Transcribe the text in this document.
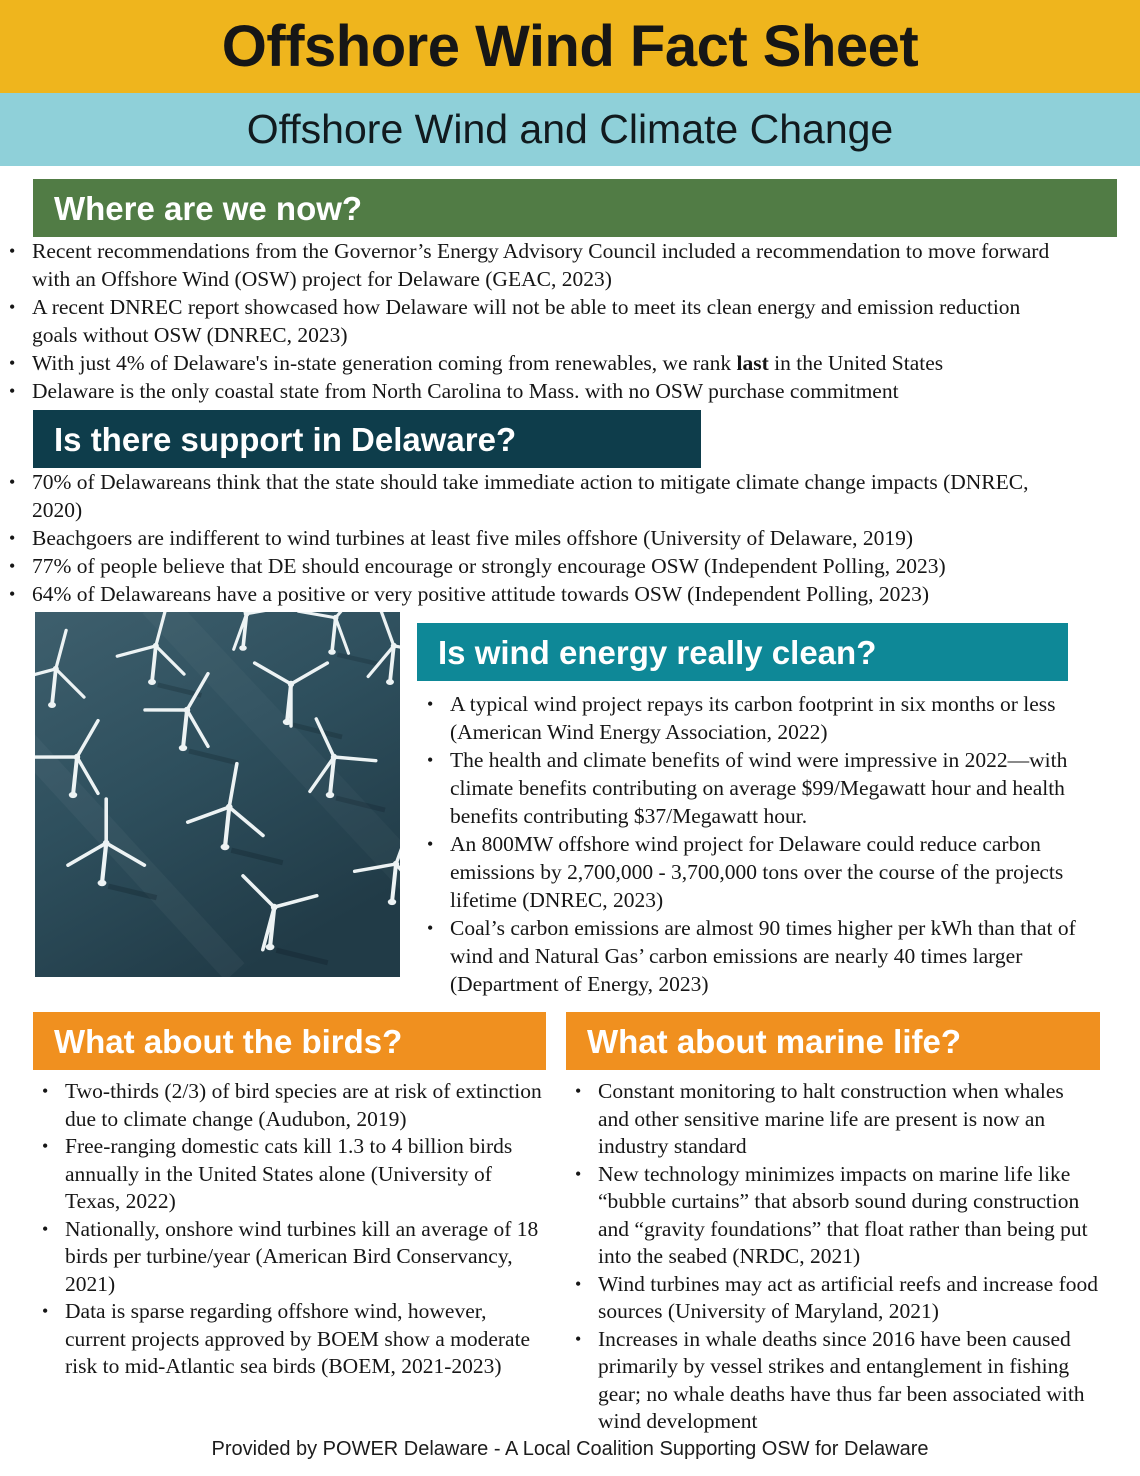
Offshore Wind Fact Sheet
Offshore Wind and Climate Change
Where are we now?
• Recent recommendations from the Governor’s Energy Advisory Council included a recommendation to move forward with an Offshore Wind (OSW) project for Delaware (GEAC, 2023)
• A recent DNREC report showcased how Delaware will not be able to meet its clean energy and emission reduction goals without OSW (DNREC, 2023)
• With just 4% of Delaware's in-state generation coming from renewables, we rank last in the United States
• Delaware is the only coastal state from North Carolina to Mass. with no OSW purchase commitment
Is there support in Delaware?
• 70% of Delawareans think that the state should take immediate action to mitigate climate change impacts (DNREC, 2020)
• Beachgoers are indifferent to wind turbines at least five miles offshore (University of Delaware, 2019)
• 77% of people believe that DE should encourage or strongly encourage OSW (Independent Polling, 2023)
• 64% of Delawareans have a positive or very positive attitude towards OSW (Independent Polling, 2023)
Is wind energy really clean?
• A typical wind project repays its carbon footprint in six months or less (American Wind Energy Association, 2022)
• The health and climate benefits of wind were impressive in 2022—with climate benefits contributing on average $99/Megawatt hour and health benefits contributing $37/Megawatt hour.
• An 800MW offshore wind project for Delaware could reduce carbon emissions by 2,700,000 - 3,700,000 tons over the course of the projects lifetime (DNREC, 2023)
• Coal’s carbon emissions are almost 90 times higher per kWh than that of wind and Natural Gas’ carbon emissions are nearly 40 times larger (Department of Energy, 2023)
What about the birds?
• Two-thirds (2/3) of bird species are at risk of extinction due to climate change (Audubon, 2019)
• Free-ranging domestic cats kill 1.3 to 4 billion birds annually in the United States alone (University of Texas, 2022)
• Nationally, onshore wind turbines kill an average of 18 birds per turbine/year (American Bird Conservancy, 2021)
• Data is sparse regarding offshore wind, however, current projects approved by BOEM show a moderate risk to mid-Atlantic sea birds (BOEM, 2021-2023)
What about marine life?
• Constant monitoring to halt construction when whales and other sensitive marine life are present is now an industry standard
• New technology minimizes impacts on marine life like “bubble curtains” that absorb sound during construction and “gravity foundations” that float rather than being put into the seabed (NRDC, 2021)
• Wind turbines may act as artificial reefs and increase food sources (University of Maryland, 2021)
• Increases in whale deaths since 2016 have been caused primarily by vessel strikes and entanglement in fishing gear; no whale deaths have thus far been associated with wind development
Provided by POWER Delaware - A Local Coalition Supporting OSW for Delaware
